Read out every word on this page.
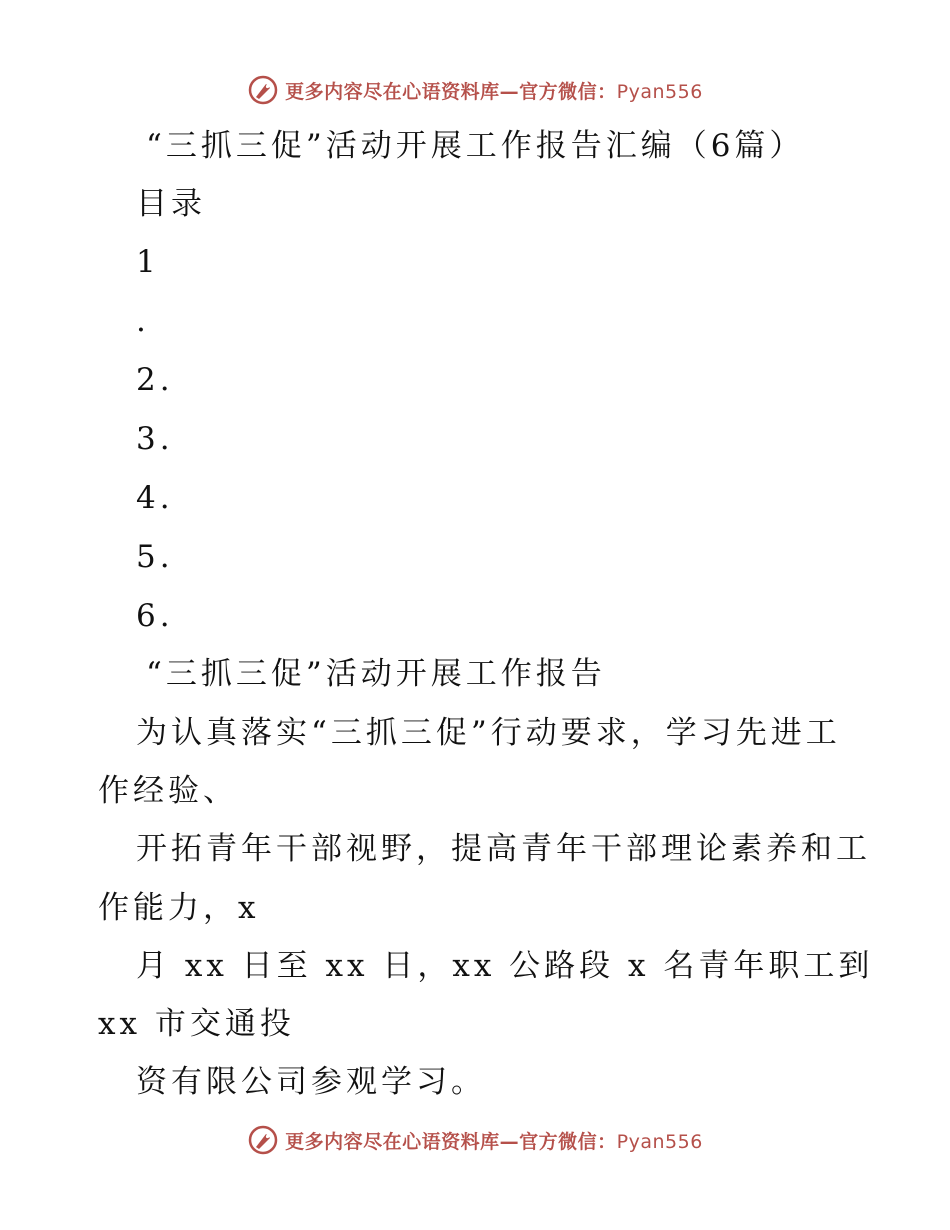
更多内容尽在心语资料库—官方微信：Pyan556
“三抓三促”活动开展工作报告汇编（6篇）
目录
1
.
2.
3.
4.
5.
6.
“三抓三促”活动开展工作报告
为认真落实“三抓三促”行动要求，学习先进工
作经验、
开拓青年干部视野，提高青年干部理论素养和工
作能力，x
月 xx 日至 xx 日，xx 公路段 x 名青年职工到
xx 市交通投
资有限公司参观学习。
更多内容尽在心语资料库—官方微信：Pyan556
